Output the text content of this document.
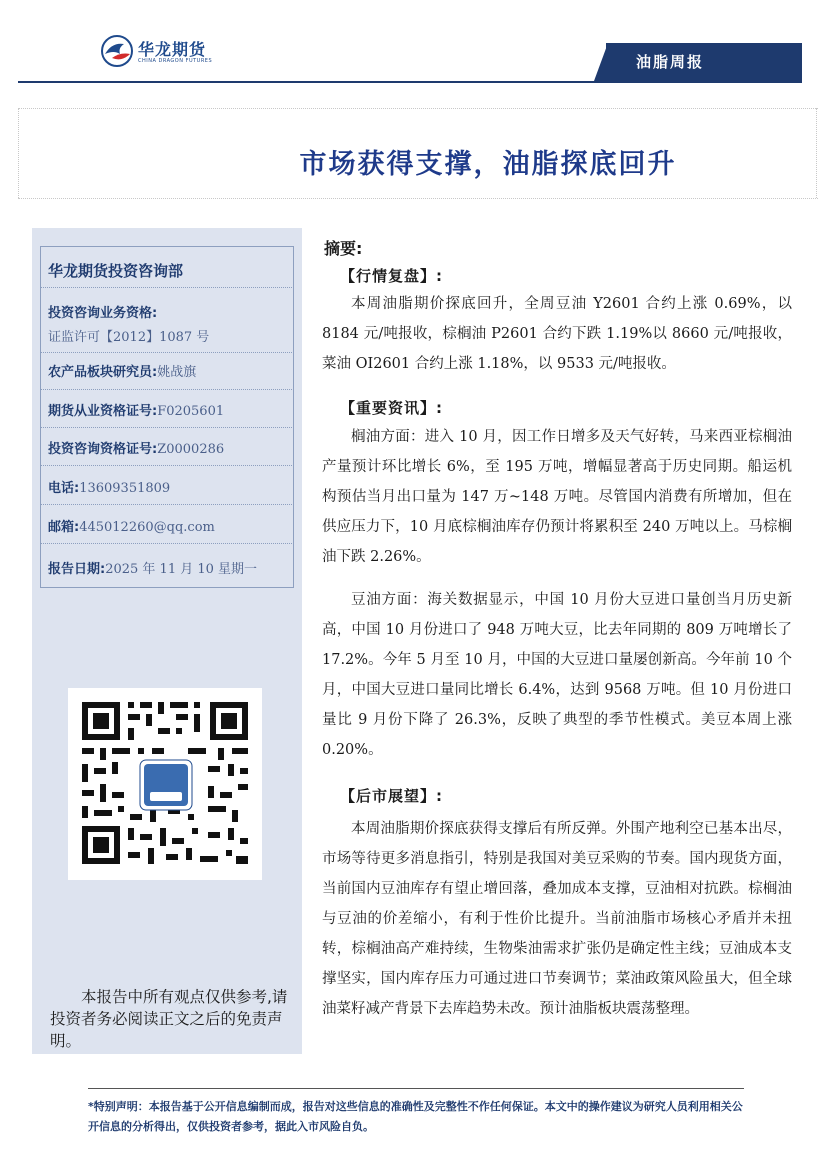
华龙期货
CHINA DRAGON FUTURES	油脂周报
市场获得支撑，油脂探底回升
华龙期货投资咨询部
投资咨询业务资格:
证监许可【2012】1087 号
农产品板块研究员:姚战旗
期货从业资格证号:F0205601
投资咨询资格证号:Z0000286
电话:13609351809
邮箱:445012260@qq.com
报告日期:2025 年 11 月 10 星期一
本报告中所有观点仅供参考,请投资者务必阅读正文之后的免责声明。
摘要:
【行情复盘】:
本周油脂期价探底回升，全周豆油 Y2601 合约上涨 0.69%，以 8184 元/吨报收，棕榈油 P2601 合约下跌 1.19%以 8660 元/吨报收，菜油 OI2601 合约上涨 1.18%，以 9533 元/吨报收。
【重要资讯】:
榈油方面：进入 10 月，因工作日增多及天气好转，马来西亚棕榈油产量预计环比增长 6%，至 195 万吨，增幅显著高于历史同期。船运机构预估当月出口量为 147 万~148 万吨。尽管国内消费有所增加，但在供应压力下，10 月底棕榈油库存仍预计将累积至 240 万吨以上。马棕榈油下跌 2.26%。
豆油方面：海关数据显示，中国 10 月份大豆进口量创当月历史新高，中国 10 月份进口了 948 万吨大豆，比去年同期的 809 万吨增长了 17.2%。今年 5 月至 10 月，中国的大豆进口量屡创新高。今年前 10 个月，中国大豆进口量同比增长 6.4%，达到 9568 万吨。但 10 月份进口量比 9 月份下降了 26.3%，反映了典型的季节性模式。美豆本周上涨 0.20%。
【后市展望】:
本周油脂期价探底获得支撑后有所反弹。外围产地利空已基本出尽，市场等待更多消息指引，特别是我国对美豆采购的节奏。国内现货方面，当前国内豆油库存有望止增回落，叠加成本支撑，豆油相对抗跌。棕榈油与豆油的价差缩小，有利于性价比提升。当前油脂市场核心矛盾并未扭转，棕榈油高产难持续，生物柴油需求扩张仍是确定性主线；豆油成本支撑坚实，国内库存压力可通过进口节奏调节；菜油政策风险虽大，但全球油菜籽减产背景下去库趋势未改。预计油脂板块震荡整理。
*特别声明：本报告基于公开信息编制而成，报告对这些信息的准确性及完整性不作任何保证。本文中的操作建议为研究人员利用相关公开信息的分析得出，仅供投资者参考，据此入市风险自负。
